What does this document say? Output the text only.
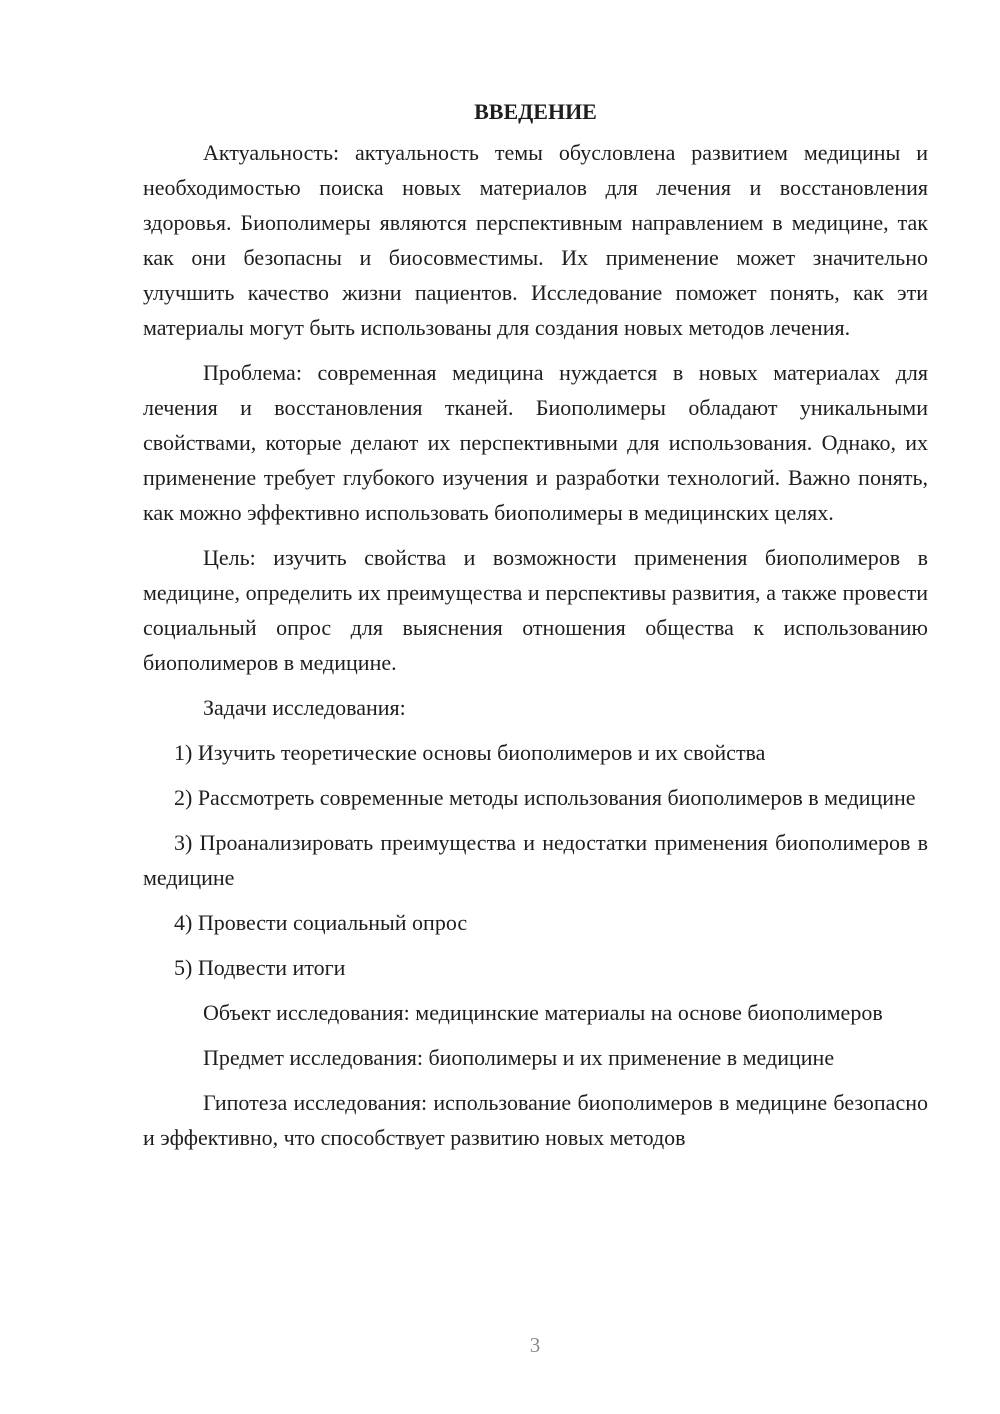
ВВЕДЕНИЕ

Актуальность: актуальность темы обусловлена развитием медицины и необходимостью поиска новых материалов для лечения и восстановления здоровья. Биополимеры являются перспективным направлением в медицине, так как они безопасны и биосовместимы. Их применение может значительно улучшить качество жизни пациентов. Исследование поможет понять, как эти материалы могут быть использованы для создания новых методов лечения.

Проблема: современная медицина нуждается в новых материалах для лечения и восстановления тканей. Биополимеры обладают уникальными свойствами, которые делают их перспективными для использования. Однако, их применение требует глубокого изучения и разработки технологий. Важно понять, как можно эффективно использовать биополимеры в медицинских целях.

Цель: изучить свойства и возможности применения биополимеров в медицине, определить их преимущества и перспективы развития, а также провести социальный опрос для выяснения отношения общества к использованию биополимеров в медицине.

Задачи исследования:

1) Изучить теоретические основы биополимеров и их свойства

2) Рассмотреть современные методы использования биополимеров в медицине

3) Проанализировать преимущества и недостатки применения биополимеров в медицине

4) Провести социальный опрос

5) Подвести итоги

Объект исследования: медицинские материалы на основе биополимеров

Предмет исследования: биополимеры и их применение в медицине

Гипотеза исследования: использование биополимеров в медицине безопасно и эффективно, что способствует развитию новых методов

3
